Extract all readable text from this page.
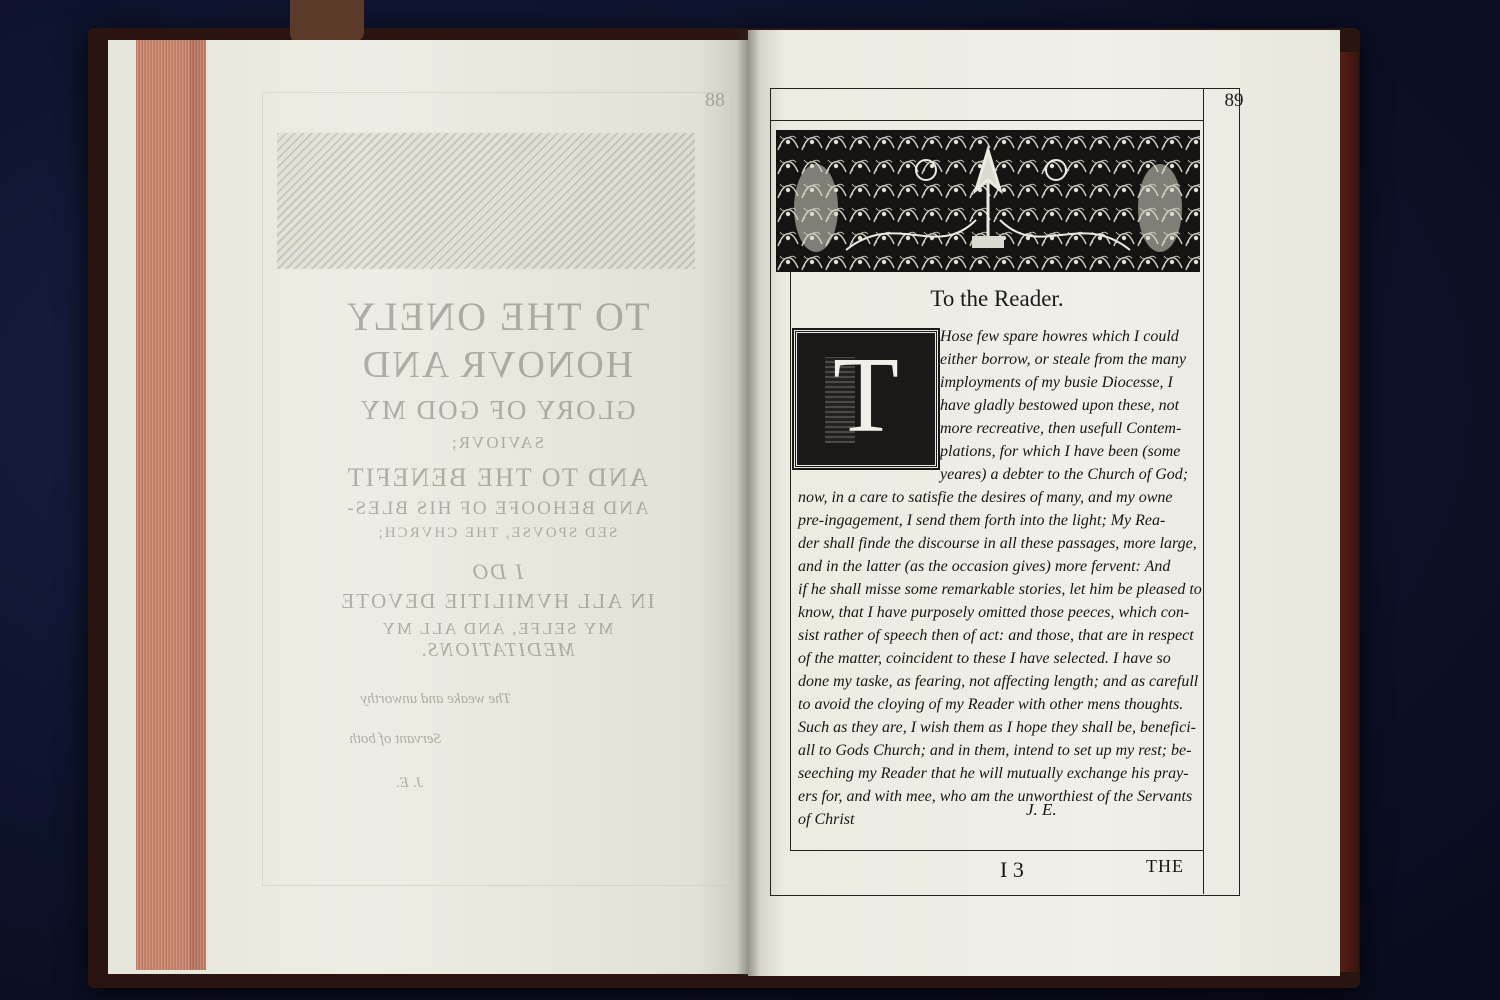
88
TO THE ONELY
HONOVR AND
GLORY OF GOD MY
SAVIOVR;
AND TO THE BENEFIT
AND BEHOOFE OF HIS BLES-
SED SPOVSE, THE CHVRCH;
I DO
IN ALL HVMILITIE DEVOTE
MY SELFE, AND ALL MY
MEDITATIONS.
The weake and unworthy
Servant of both
J. E.
89
To the Reader.
T	Hose few spare howres which I could
either borrow, or steale from the many
imployments of my busie Diocesse, I
have gladly bestowed upon these, not
more recreative, then usefull Contem-
plations, for which I have been (some
yeares) a debter to the Church of God;
now, in a care to satisfie the desires of many, and my owne
pre-ingagement, I send them forth into the light; My Rea-
der shall finde the discourse in all these passages, more large,
and in the latter (as the occasion gives) more fervent: And
if he shall misse some remarkable stories, let him be pleased to
know, that I have purposely omitted those peeces, which con-
sist rather of speech then of act: and those, that are in respect
of the matter, coincident to these I have selected. I have so
done my taske, as fearing, not affecting length; and as carefull
to avoid the cloying of my Reader with other mens thoughts.
Such as they are, I wish them as I hope they shall be, benefici-
all to Gods Church; and in them, intend to set up my rest; be-
seeching my Reader that he will mutually exchange his pray-
ers for, and with mee, who am the unworthiest of the Servants
of Christ
J. E.
I 3	THE
